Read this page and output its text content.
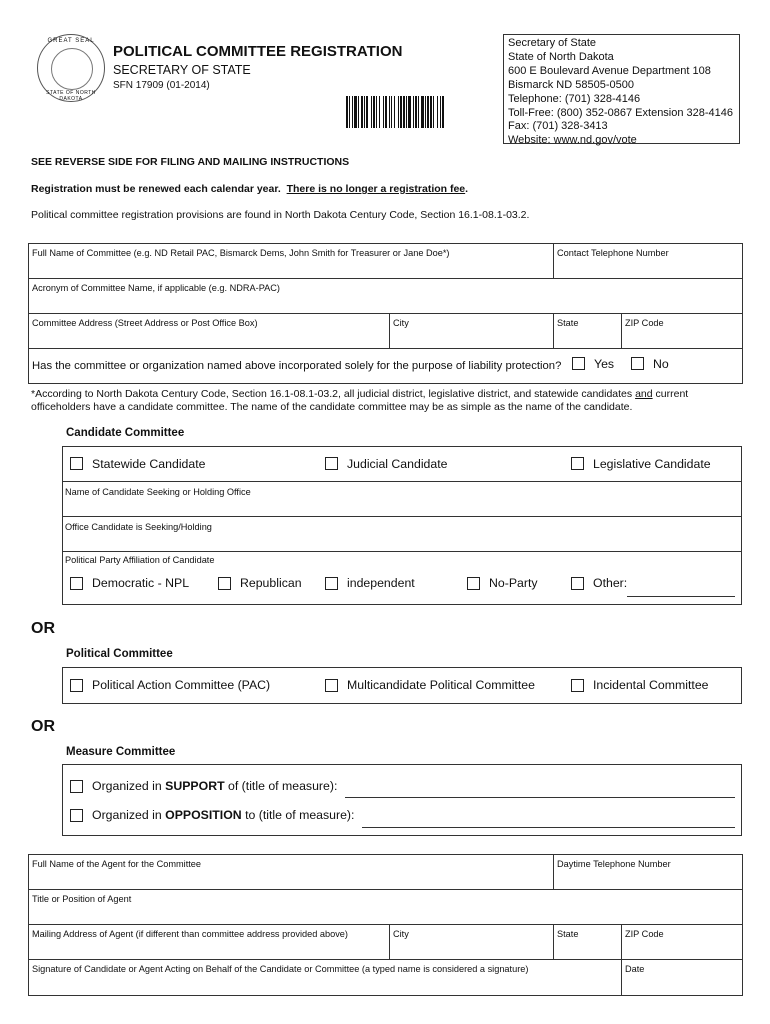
GREAT SEAL
STATE OF NORTH DAKOTA
POLITICAL COMMITTEE REGISTRATION
SECRETARY OF STATE
SFN 17909 (01-2014)
Secretary of State
State of North Dakota
600 E Boulevard Avenue Department 108
Bismarck ND 58505-0500
Telephone: (701) 328-4146
Toll-Free: (800) 352-0867 Extension 328-4146
Fax: (701) 328-3413
Website: www.nd.gov/vote
SEE REVERSE SIDE FOR FILING AND MAILING INSTRUCTIONS
Registration must be renewed each calendar year. There is no longer a registration fee.
Political committee registration provisions are found in North Dakota Century Code, Section 16.1-08.1-03.2.
Full Name of Committee (e.g. ND Retail PAC, Bismarck Dems, John Smith for Treasurer or Jane Doe*)	Contact Telephone Number
Acronym of Committee Name, if applicable (e.g. NDRA-PAC)
Committee Address (Street Address or Post Office Box)	City	State	ZIP Code
Has the committee or organization named above incorporated solely for the purpose of liability protection?	Yes	No
*According to North Dakota Century Code, Section 16.1-08.1-03.2, all judicial district, legislative district, and statewide candidates and current officeholders have a candidate committee. The name of the candidate committee may be as simple as the name of the candidate.
Candidate Committee
Statewide Candidate	Judicial Candidate	Legislative Candidate
Name of Candidate Seeking or Holding Office
Office Candidate is Seeking/Holding
Political Party Affiliation of Candidate
Democratic - NPL	Republican	independent	No-Party	Other:
OR
Political Committee
Political Action Committee (PAC)	Multicandidate Political Committee	Incidental Committee
OR
Measure Committee
Organized in SUPPORT of (title of measure):
Organized in OPPOSITION to (title of measure):
Full Name of the Agent for the Committee	Daytime Telephone Number
Title or Position of Agent
Mailing Address of Agent (if different than committee address provided above)	City	State	ZIP Code
Signature of Candidate or Agent Acting on Behalf of the Candidate or Committee (a typed name is considered a signature)	Date
